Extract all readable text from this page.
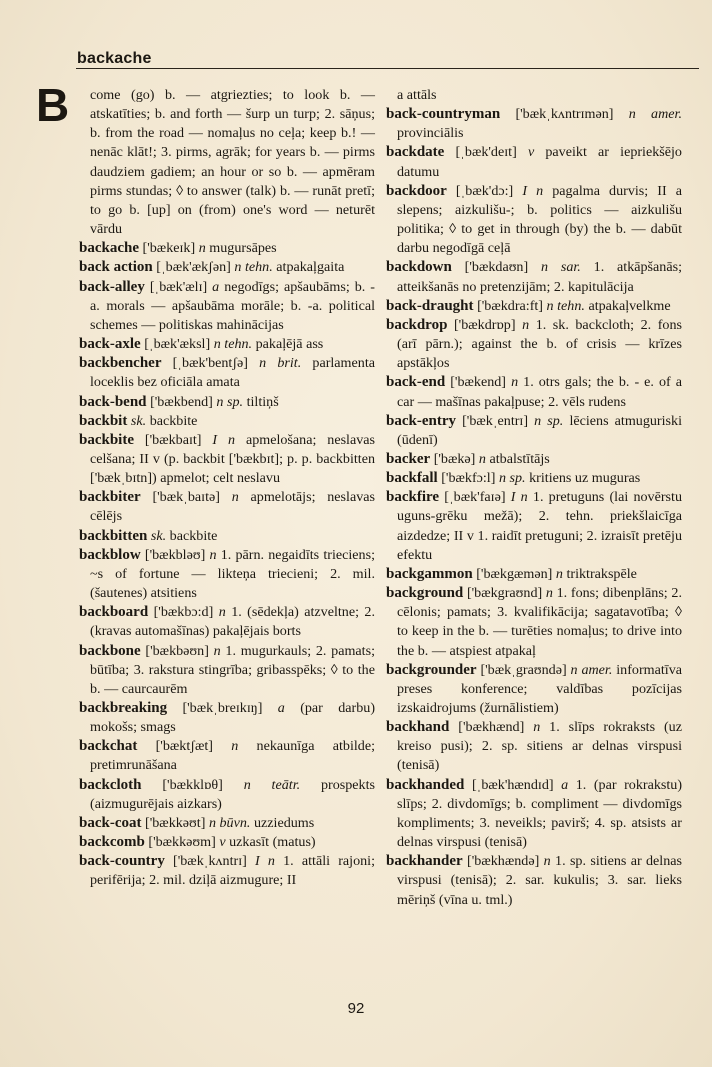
backache
B	come (go) b. — atgriezties; to look b. — atskatīties; b. and forth — šurp un turp; 2. sāņus; b. from the road — nomaļus no ceļa; keep b.! — nenāc klāt!; 3. pirms, agrāk; for years b. — pirms daudziem gadiem; an hour or so b. — apmēram pirms stundas; ◊ to answer (talk) b. — runāt pretī; to go b. [up] on (from) one's word — neturēt vārdu

backache ['bækeɪk] n mugursāpes

back action [ˌbæk'ækʃən] n tehn. atpakaļgaita

back-alley [ˌbæk'ælɪ] a negodīgs; apšaubāms; b. -a. morals — apšaubāma morāle; b. -a. political schemes — politiskas mahinācijas

back-axle [ˌbæk'æksl] n tehn. pakaļējā ass

backbencher [ˌbæk'bentʃə] n brit. parlamenta loceklis bez oficiāla amata

back-bend ['bækbend] n sp. tiltiņš

backbit sk. backbite

backbite ['bækbaɪt] I n apmelošana; neslavas celšana; II v (p. backbit ['bækbɪt]; p. p. backbitten ['bækˌbɪtn]) apmelot; celt neslavu

backbiter ['bækˌbaɪtə] n apmelotājs; neslavas cēlējs

backbitten sk. backbite

backblow ['bækbləʊ] n 1. pārn. negaidīts trieciens; ~s of fortune — likteņa triecieni; 2. mil. (šautenes) atsitiens

backboard ['bækbɔ:d] n 1. (sēdekļa) atzveltne; 2. (kravas automašīnas) pakaļējais borts

backbone ['bækbəʊn] n 1. mugurkauls; 2. pamats; būtība; 3. rakstura stingrība; gribasspēks; ◊ to the b. — caurcaurēm

backbreaking ['bækˌbreɪkɪŋ] a (par darbu) mokošs; smags

backchat ['bæktʃæt] n nekaunīga atbilde; pretimrunāšana

backcloth ['bækklɒθ] n teātr. prospekts (aizmugurējais aizkars)

back-coat ['bækkəʊt] n būvn. uzziedums

backcomb ['bækkəʊm] v uzkasīt (matus)

back-country ['bækˌkʌntrɪ] I n 1. attāli rajoni; perifērija; 2. mil. dziļā aizmugure; II

a attāls

back-countryman ['bækˌkʌntrɪmən] n amer. provinciālis

backdate [ˌbæk'deɪt] v paveikt ar iepriekšējo datumu

backdoor [ˌbæk'dɔ:] I n pagalma durvis; II a slepens; aizkulišu-; b. politics — aizkulišu politika; ◊ to get in through (by) the b. — dabūt darbu negodīgā ceļā

backdown ['bækdaʊn] n sar. 1. atkāpšanās; atteikšanās no pretenzijām; 2. kapitulācija

back-draught ['bækdra:ft] n tehn. atpakaļvelkme

backdrop ['bækdrɒp] n 1. sk. backcloth; 2. fons (arī pārn.); against the b. of crisis — krīzes apstākļos

back-end ['bækend] n 1. otrs gals; the b. - e. of a car — mašīnas pakaļpuse; 2. vēls rudens

back-entry ['bækˌentrɪ] n sp. lēciens atmuguriski (ūdenī)

backer ['bækə] n atbalstītājs

backfall ['bækfɔ:l] n sp. kritiens uz muguras

backfire [ˌbæk'faɪə] I n 1. pretuguns (lai novērstu uguns-grēku mežā); 2. tehn. priekšlaicīga aizdedze; II v 1. raidīt pretuguni; 2. izraisīt pretēju efektu

backgammon ['bækgæmən] n triktrakspēle

background ['bækgraʊnd] n 1. fons; dibenplāns; 2. cēlonis; pamats; 3. kvalifikācija; sagatavotība; ◊ to keep in the b. — turēties nomaļus; to drive into the b. — atspiest atpakaļ

backgrounder ['bækˌgraʊndə] n amer. informatīva preses konference; valdības pozīcijas izskaidrojums (žurnālistiem)

backhand ['bækhænd] n 1. slīps rokraksts (uz kreiso pusi); 2. sp. sitiens ar delnas virspusi (tenisā)

backhanded [ˌbæk'hændɪd] a 1. (par rokrakstu) slīps; 2. divdomīgs; b. compliment — divdomīgs kompliments; 3. neveikls; pavirš; 4. sp. atsists ar delnas virspusi (tenisā)

backhander ['bækhændə] n 1. sp. sitiens ar delnas virspusi (tenisā); 2. sar. kukulis; 3. sar. lieks mēriņš (vīna u. tml.)

92
